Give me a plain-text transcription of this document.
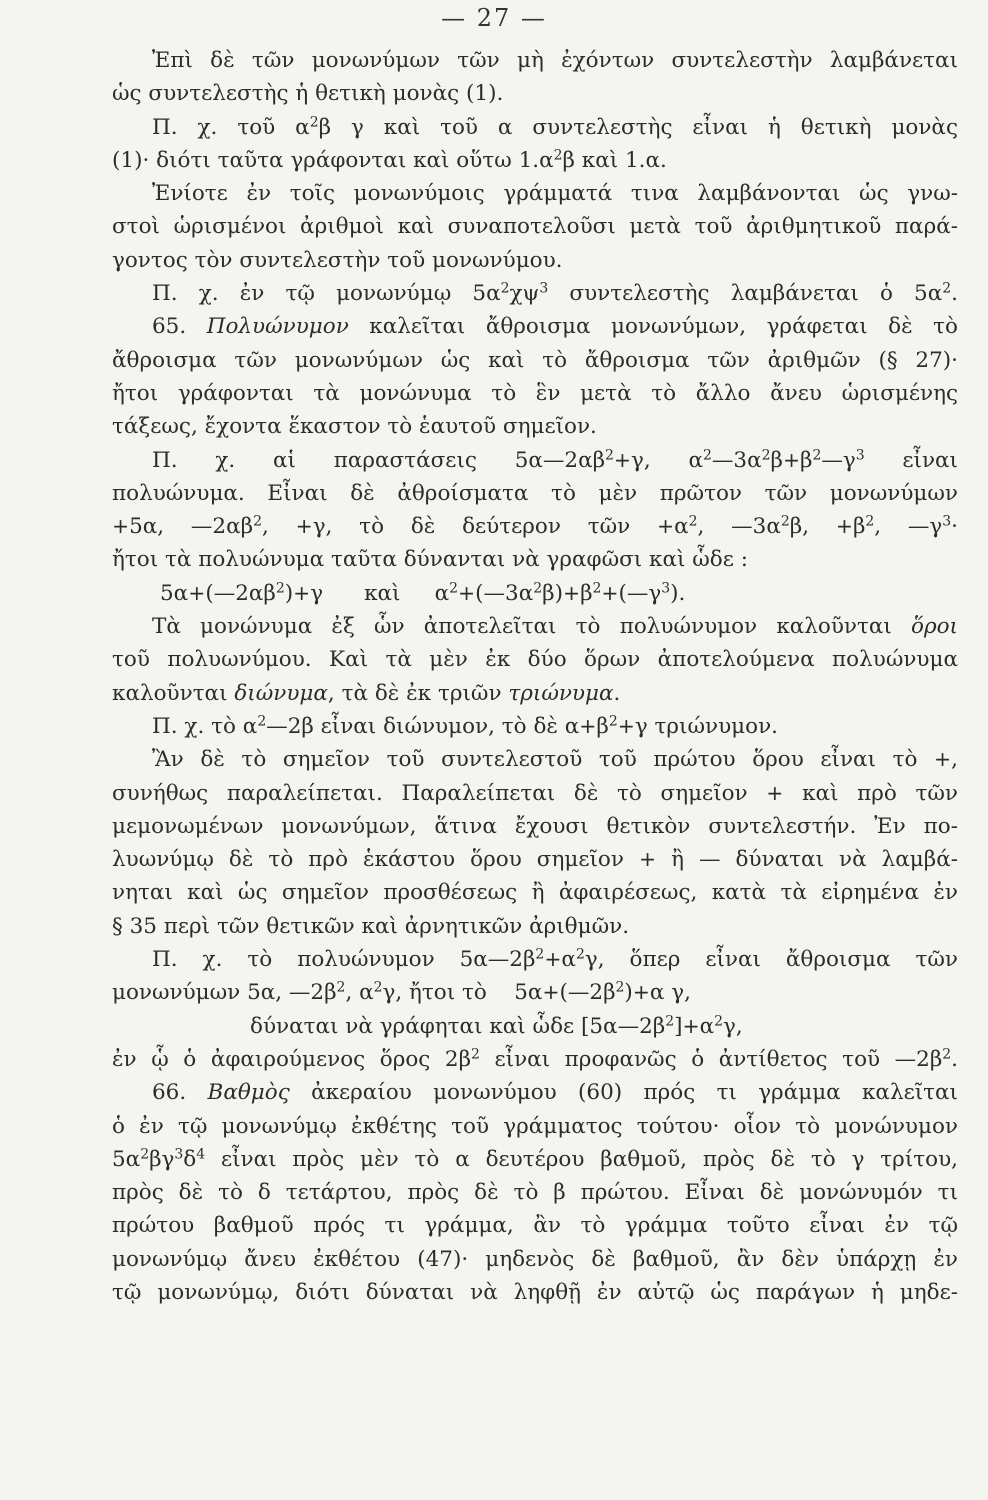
— 27 —
Ἐπὶ δὲ τῶν μονωνύμων τῶν μὴ ἐχόντων συντελεστὴν λαμβάνεται
ὡς συντελεστὴς ἡ θετικὴ μονὰς (1).
Π. χ. τοῦ $\alpha^2\beta$ γ καὶ τοῦ α συντελεστὴς εἶναι ἡ θετικὴ μονὰς
(1)· διότι ταῦτα γράφονται καὶ οὕτω $1.\alpha^2\beta$ καὶ 1.α.
Ἐνίοτε ἐν τοῖς μονωνύμοις γράμματά τινα λαμβάνονται ὡς γνω-
στοὶ ὡρισμένοι ἀριθμοὶ καὶ συναποτελοῦσι μετὰ τοῦ ἀριθμητικοῦ παρά-
γοντος τὸν συντελεστὴν τοῦ μονωνύμου.
Π. χ. ἐν τῷ μονωνύμῳ $5\alpha^2\chi\psi^3$ συντελεστὴς λαμβάνεται ὁ $5\alpha^2$.
65. Πολυώνυμον καλεῖται ἄθροισμα μονωνύμων, γράφεται δὲ τὸ
ἄθροισμα τῶν μονωνύμων ὡς καὶ τὸ ἄθροισμα τῶν ἀριθμῶν (§ 27)·
ἤτοι γράφονται τὰ μονώνυμα τὸ ἓν μετὰ τὸ ἄλλο ἄνευ ὡρισμένης
τάξεως, ἔχοντα ἕκαστον τὸ ἑαυτοῦ σημεῖον.
Π. χ. αἱ παραστάσεις $5\alpha—2\alpha\beta^2+\gamma$, $\alpha^2—3\alpha^2\beta+\beta^2—\gamma^3$ εἶναι
πολυώνυμα. Εἶναι δὲ ἀθροίσματα τὸ μὲν πρῶτον τῶν μονωνύμων
+5α, $—2\alpha\beta^2$, +γ, τὸ δὲ δεύτερον τῶν $+\alpha^2$, $—3\alpha^2\beta$, $+\beta^2$, $—\gamma^3\cdot$
ἤτοι τὰ πολυώνυμα ταῦτα δύνανται νὰ γραφῶσι καὶ ὧδε :
$5\alpha+(—2\alpha\beta^2)+\gamma$      καὶ     $\alpha^2+(—3\alpha^2\beta)+\beta^2+(—\gamma^3)$.
Τὰ μονώνυμα ἐξ ὧν ἀποτελεῖται τὸ πολυώνυμον καλοῦνται ὅροι
τοῦ πολυωνύμου. Καὶ τὰ μὲν ἐκ δύο ὅρων ἀποτελούμενα πολυώνυμα
καλοῦνται διώνυμα, τὰ δὲ ἐκ τριῶν τριώνυμα.
Π. χ. τὸ $\alpha^2—2\beta$ εἶναι διώνυμον, τὸ δὲ $\alpha+\beta^2+\gamma$ τριώνυμον.
Ἂν δὲ τὸ σημεῖον τοῦ συντελεστοῦ τοῦ πρώτου ὅρου εἶναι τὸ +,
συνήθως παραλείπεται. Παραλείπεται δὲ τὸ σημεῖον + καὶ πρὸ τῶν
μεμονωμένων μονωνύμων, ἅτινα ἔχουσι θετικὸν συντελεστήν. Ἐν πο-
λυωνύμῳ δὲ τὸ πρὸ ἑκάστου ὅρου σημεῖον + ἢ — δύναται νὰ λαμβά-
νηται καὶ ὡς σημεῖον προσθέσεως ἢ ἀφαιρέσεως, κατὰ τὰ εἰρημένα ἐν
§ 35 περὶ τῶν θετικῶν καὶ ἀρνητικῶν ἀριθμῶν.
Π. χ. τὸ πολυώνυμον $5\alpha—2\beta^2+\alpha^2\gamma$, ὅπερ εἶναι ἄθροισμα τῶν
μονωνύμων 5α, $—2\beta^2$, $\alpha^2\gamma$, ἤτοι τὸ    $5\alpha+(—2\beta^2)+\alpha$ γ,
δύναται νὰ γράφηται καὶ ὧδε $[5\alpha—2\beta^2]+\alpha^2\gamma$,
ἐν ᾧ ὁ ἀφαιρούμενος ὅρος $2\beta^2$ εἶναι προφανῶς ὁ ἀντίθετος τοῦ $—2\beta^2$.
66. Βαθμὸς ἀκεραίου μονωνύμου (60) πρός τι γράμμα καλεῖται
ὁ ἐν τῷ μονωνύμῳ ἐκθέτης τοῦ γράμματος τούτου· οἷον τὸ μονώνυμον
$5\alpha^2\beta\gamma^3\delta^4$ εἶναι πρὸς μὲν τὸ α δευτέρου βαθμοῦ, πρὸς δὲ τὸ γ τρίτου,
πρὸς δὲ τὸ δ τετάρτου, πρὸς δὲ τὸ β πρώτου. Εἶναι δὲ μονώνυμόν τι
πρώτου βαθμοῦ πρός τι γράμμα, ἂν τὸ γράμμα τοῦτο εἶναι ἐν τῷ
μονωνύμῳ ἄνευ ἐκθέτου (47)· μηδενὸς δὲ βαθμοῦ, ἂν δὲν ὑπάρχῃ ἐν
τῷ μονωνύμῳ, διότι δύναται νὰ ληφθῇ ἐν αὐτῷ ὡς παράγων ἡ μηδε-
